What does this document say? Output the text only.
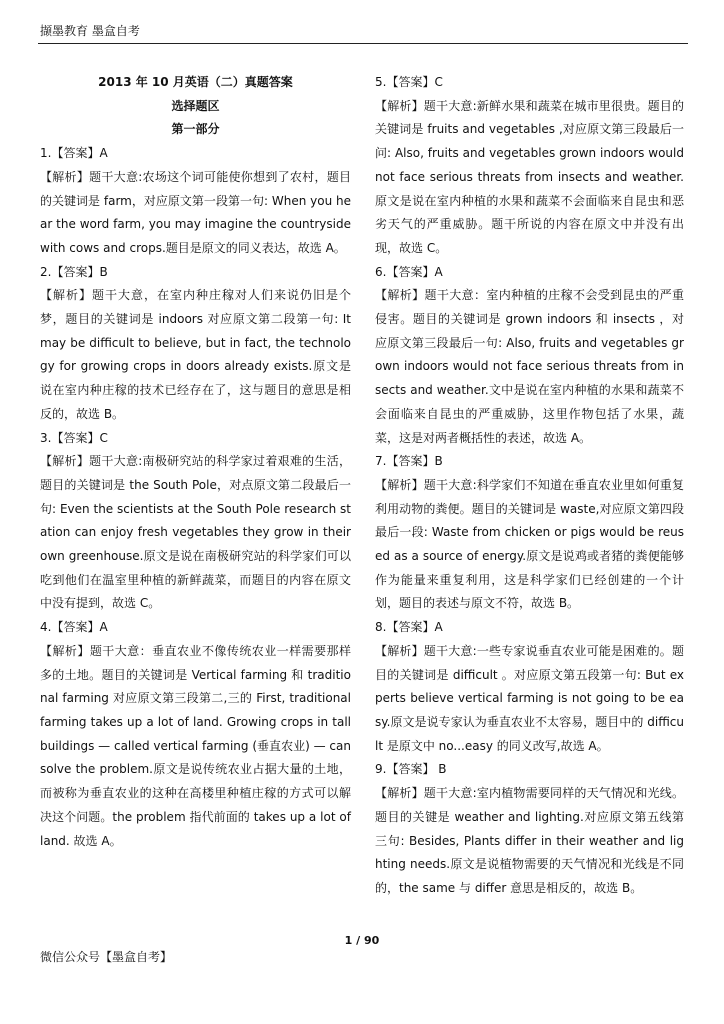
撷墨教育 墨盒自考

2013 年 10 月英语（二）真题答案

选择题区

第一部分

1.【答案】A

【解析】题干大意:农场这个词可能使你想到了农村，题目的关键词是 farm，对应原文第一段第一句: When you hear the word farm, you may imagine the countryside with cows and crops.题目是原文的同义表达，故选 A。

2.【答案】B

【解析】题干大意，在室内种庄稼对人们来说仍旧是个梦，题目的关键词是 indoors 对应原文第二段第一句: It may be difficult to believe, but in fact, the technology for growing crops in doors already exists.原文是说在室内种庄稼的技术已经存在了，这与题目的意思是相反的，故选 B。

3.【答案】C

【解析】题干大意:南极研究站的科学家过着艰难的生活，题目的关键词是 the South Pole，对点原文第二段最后一句: Even the scientists at the South Pole research station can enjoy fresh vegetables they grow in their own greenhouse.原文是说在南极研究站的科学家们可以吃到他们在温室里种植的新鲜蔬菜，而题目的内容在原文中没有提到，故选 C。

4.【答案】A

【解析】题干大意：垂直农业不像传统农业一样需要那样多的土地。题目的关键词是 Vertical farming 和 traditional farming 对应原文第三段第二,三的 First, traditional farming takes up a lot of land. Growing crops in tall buildings — called vertical farming (垂直农业) — can solve the problem.原文是说传统农业占据大量的土地，而被称为垂直农业的这种在高楼里种植庄稼的方式可以解决这个问题。the problem 指代前面的 takes up a lot of land. 故选 A。

5.【答案】C

【解析】题干大意:新鲜水果和蔬菜在城市里很贵。题目的关键词是 fruits and vegetables ,对应原文第三段最后一问: Also, fruits and vegetables grown indoors would not face serious threats from insects and weather.原文是说在室内种植的水果和蔬菜不会面临来自昆虫和恶劣天气的严重威胁。题干所说的内容在原文中并没有出现，故选 C。

6.【答案】A

【解析】题干大意：室内种植的庄稼不会受到昆虫的严重侵害。题目的关键词是 grown indoors 和 insects ，对应原文第三段最后一句: Also, fruits and vegetables grown indoors would not face serious threats from insects and weather.文中是说在室内种植的水果和蔬菜不会面临来自昆虫的严重威胁，这里作物包括了水果，蔬菜，这是对两者概括性的表述，故选 A。

7.【答案】B

【解析】题干大意:科学家们不知道在垂直农业里如何重复利用动物的粪便。题目的关键词是 waste,对应原文第四段最后一段: Waste from chicken or pigs would be reused as a source of energy.原文是说鸡或者猪的粪便能够作为能量来重复利用，这是科学家们已经创建的一个计划，题目的表述与原文不符，故选 B。

8.【答案】A

【解析】题干大意:一些专家说垂直农业可能是困难的。题目的关键词是 difficult 。对应原文第五段第一句: But experts believe vertical farming is not going to be easy.原文是说专家认为垂直农业不太容易，题目中的 difficult 是原文中 no...easy 的同义改写,故选 A。

9.【答案】 B

【解析】题干大意:室内植物需要同样的天气情况和光线。题目的关键是 weather and lighting.对应原文第五线第三句: Besides, Plants differ in their weather and lighting needs.原文是说植物需要的天气情况和光线是不同的，the same 与 differ 意思是相反的，故选 B。

1 / 90
微信公众号【墨盒自考】
